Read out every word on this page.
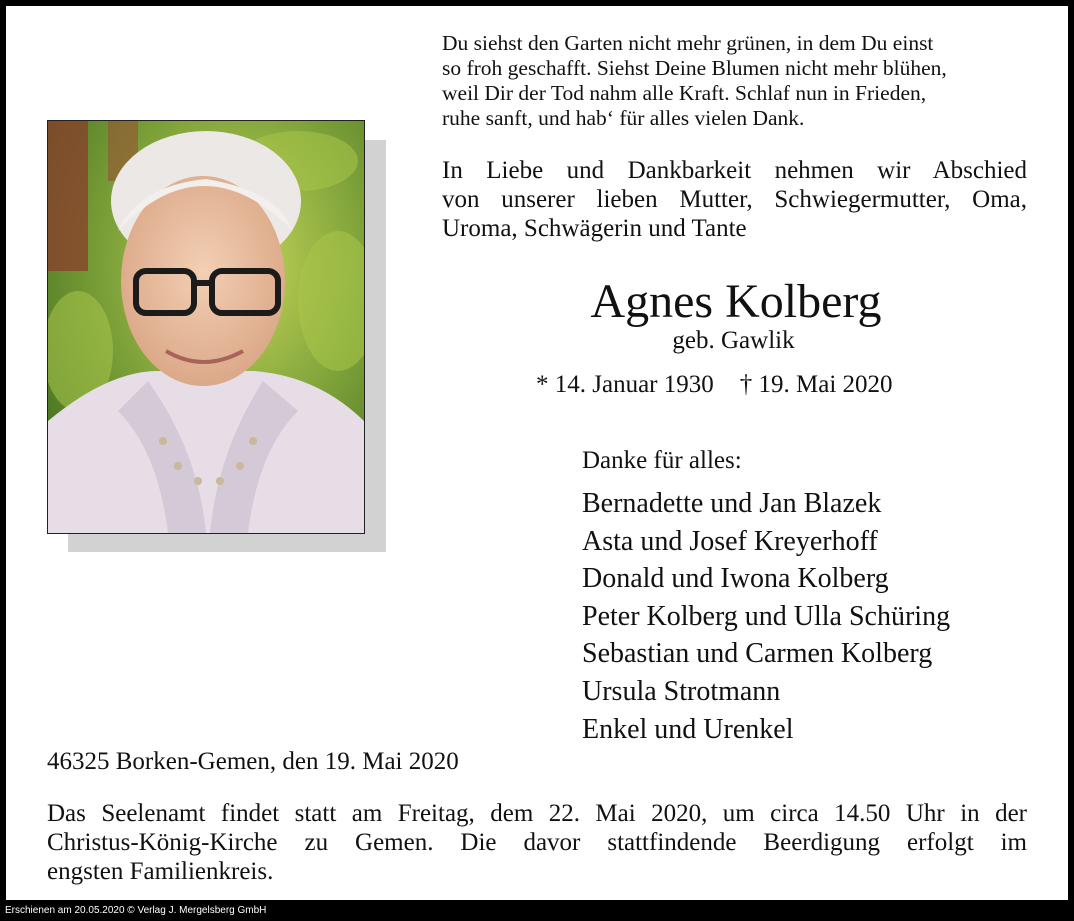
Du siehst den Garten nicht mehr grünen, in dem Du einst
so froh geschafft. Siehst Deine Blumen nicht mehr blühen,
weil Dir der Tod nahm alle Kraft. Schlaf nun in Frieden,
ruhe sanft, und hab‘ für alles vielen Dank.
In Liebe und Dankbarkeit nehmen wir Abschied
von unserer lieben Mutter, Schwiegermutter, Oma,
Uroma, Schwägerin und Tante
Agnes Kolberg
geb. Gawlik
* 14. Januar 1930 † 19. Mai 2020
Danke für alles:
Bernadette und Jan Blazek
Asta und Josef Kreyerhoff
Donald und Iwona Kolberg
Peter Kolberg und Ulla Schüring
Sebastian und Carmen Kolberg
Ursula Strotmann
Enkel und Urenkel
46325 Borken-Gemen, den 19. Mai 2020
Das Seelenamt findet statt am Freitag, dem 22. Mai 2020, um circa 14.50 Uhr in der
Christus-König-Kirche zu Gemen. Die davor stattfindende Beerdigung erfolgt im
engsten Familienkreis.
Erschienen am 20.05.2020 © Verlag J. Mergelsberg GmbH
